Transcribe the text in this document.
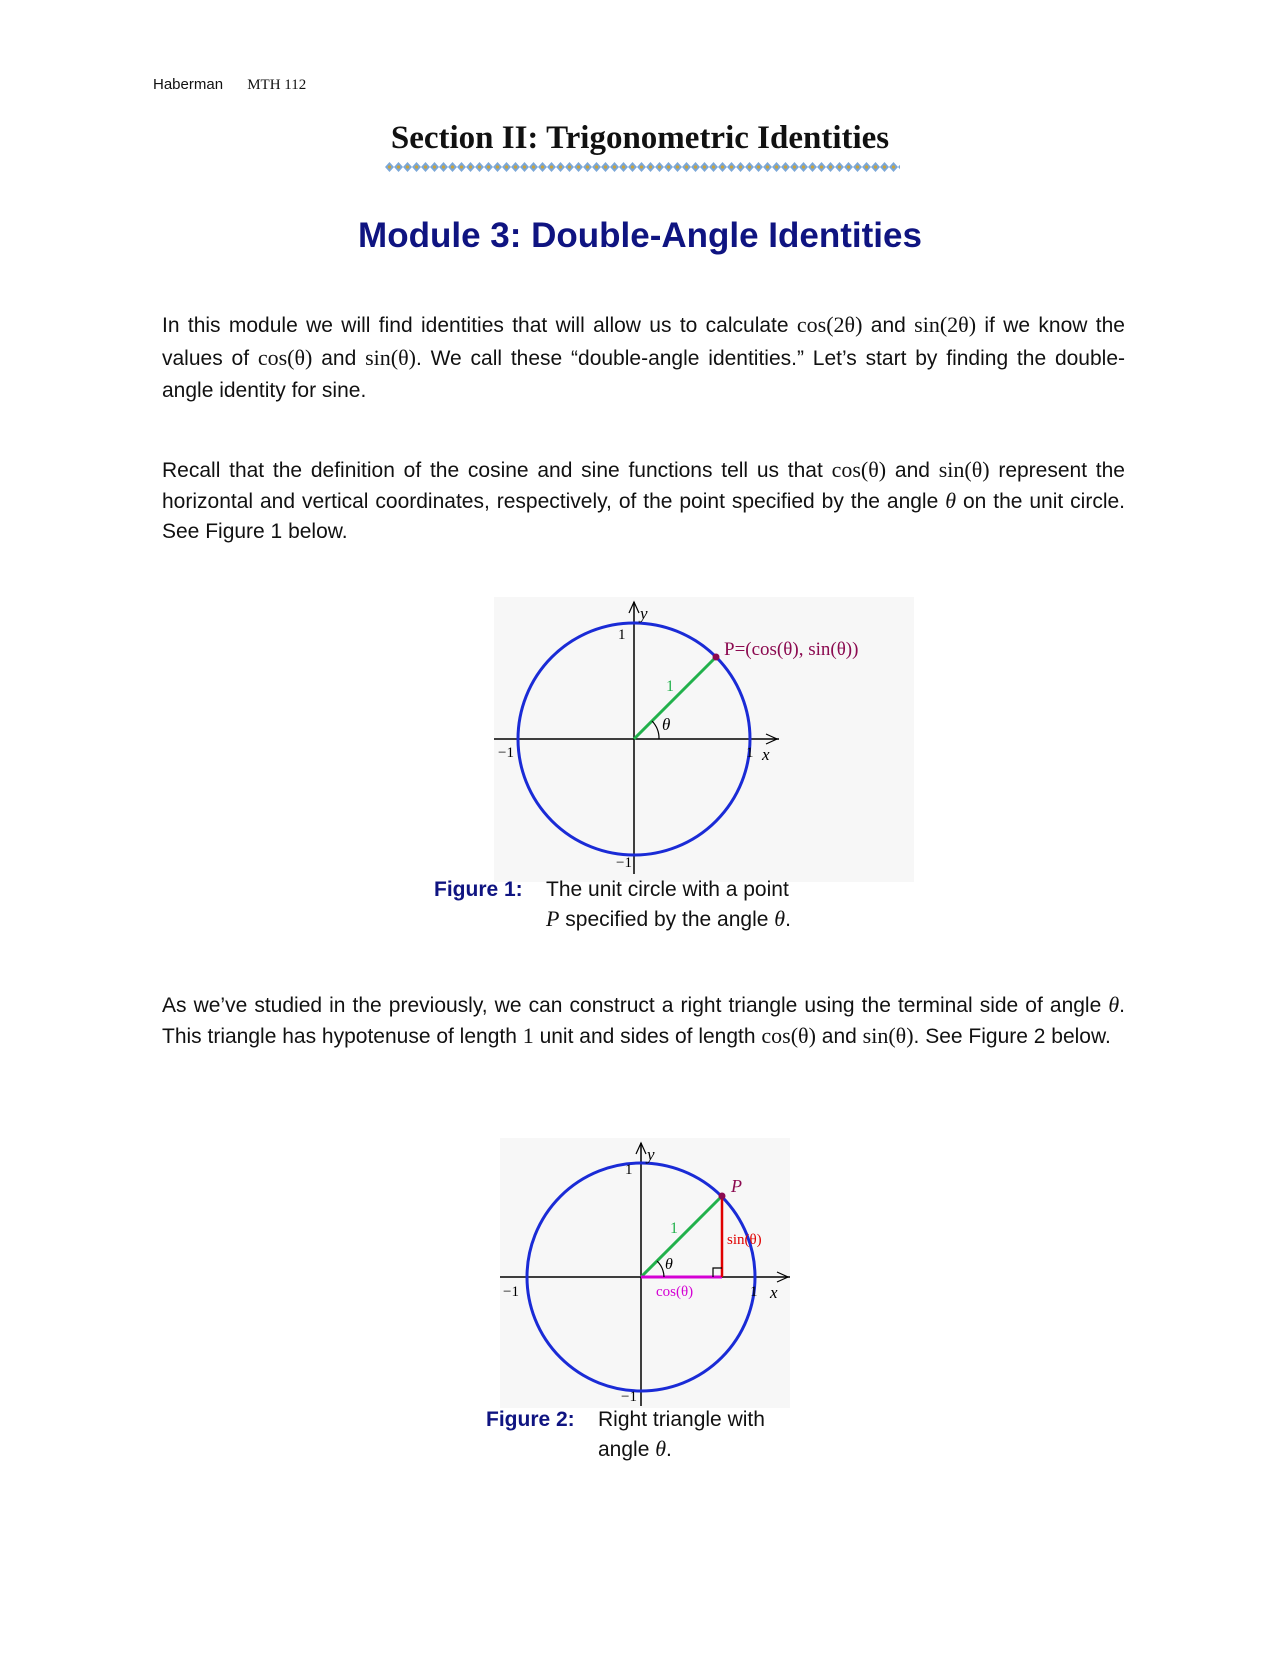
Haberman MTH 112
Section II: Trigonometric Identities
Module 3: Double-Angle Identities

In this module we will find identities that will allow us to calculate cos(2θ) and sin(2θ) if we know the values of cos(θ) and sin(θ). We call these “double-angle identities.” Let’s start by finding the double-angle identity for sine.

Recall that the definition of the cosine and sine functions tell us that cos(θ) and sin(θ) represent the horizontal and vertical coordinates, respectively, of the point specified by the angle θ on the unit circle. See Figure 1 below.

θ
1
P=(cos(θ), sin(θ))
y
x
1
1
−1
−1
Figure 1: The unit circle with a point
P specified by the angle θ.

As we’ve studied in the previously, we can construct a right triangle using the terminal side of angle θ. This triangle has hypotenuse of length 1 unit and sides of length cos(θ) and sin(θ). See Figure 2 below.

θ
1
P
sin(θ)
cos(θ)
y
x
1
1
−1
−1
Figure 2: Right triangle with
angle θ.
